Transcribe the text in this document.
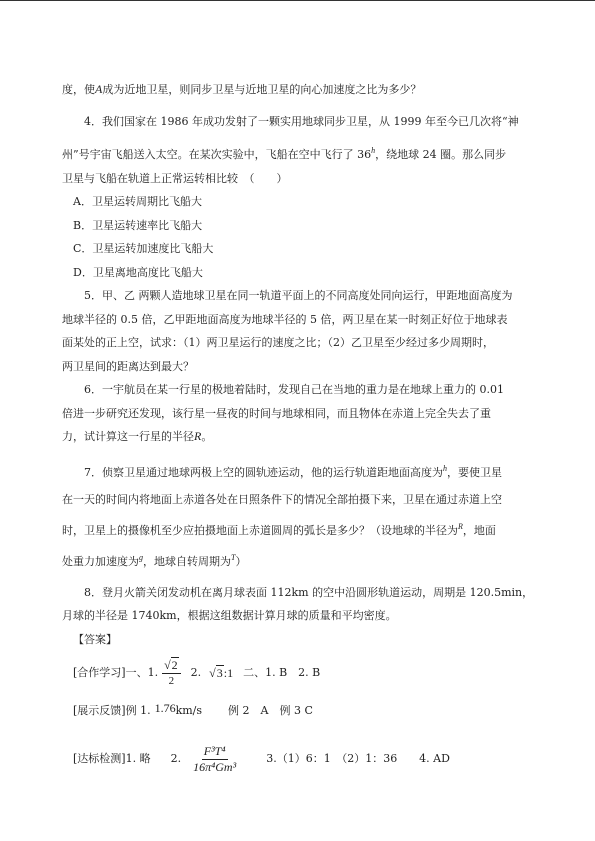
度，使A成为近地卫星，则同步卫星与近地卫星的向心加速度之比为多少？

4．我们国家在 1986 年成功发射了一颗实用地球同步卫星，从 1999 年至今已几次将“神

州”号宇宙飞船送入太空。在某次实验中，飞船在空中飞行了 36$^h$，绕地球 24 圈。那么同步

卫星与飞船在轨道上正常运转相比较　（　　）

A．卫星运转周期比飞船大

B．卫星运转速率比飞船大

C．卫星运转加速度比飞船大

D．卫星离地高度比飞船大

5．甲、乙 两颗人造地球卫星在同一轨道平面上的不同高度处同向运行，甲距地面高度为

地球半径的 0.5 倍，乙甲距地面高度为地球半径的 5 倍，两卫星在某一时刻正好位于地球表

面某处的正上空，试求：（1）两卫星运行的速度之比；（2）乙卫星至少经过多少周期时，

两卫星间的距离达到最大？

6．一宇航员在某一行星的极地着陆时，发现自己在当地的重力是在地球上重力的 0.01

倍进一步研究还发现，该行星一昼夜的时间与地球相同，而且物体在赤道上完全失去了重

力，试计算这一行星的半径R。

7．侦察卫星通过地球两极上空的圆轨迹运动，他的运行轨道距地面高度为$^h$，要使卫星

在一天的时间内将地面上赤道各处在日照条件下的情况全部拍摄下来，卫星在通过赤道上空

时，卫星上的摄像机至少应拍摄地面上赤道圆周的弧长是多少？（设地球的半径为$^R$，地面

处重力加速度为$^g$，地球自转周期为$^T$）

8．登月火箭关闭发动机在离月球表面 112km 的空中沿圆形轨道运动，周期是 120.5min，

月球的半径是 1740km，根据这组数据计算月球的质量和平均密度。

【答案】

[合作学习]一、1. $\frac{√2}{2} 2$. √3:1 二、1. B　2. B
[展示反馈]例 1. 1.76 km/s 例 2　A　例 3 C
[达标检测]1. 略 2. $\frac{\text{F³T⁴}}{\text{16π⁴Gm³}}$	3.（1）6：1　（2）1：36　　4. AD
